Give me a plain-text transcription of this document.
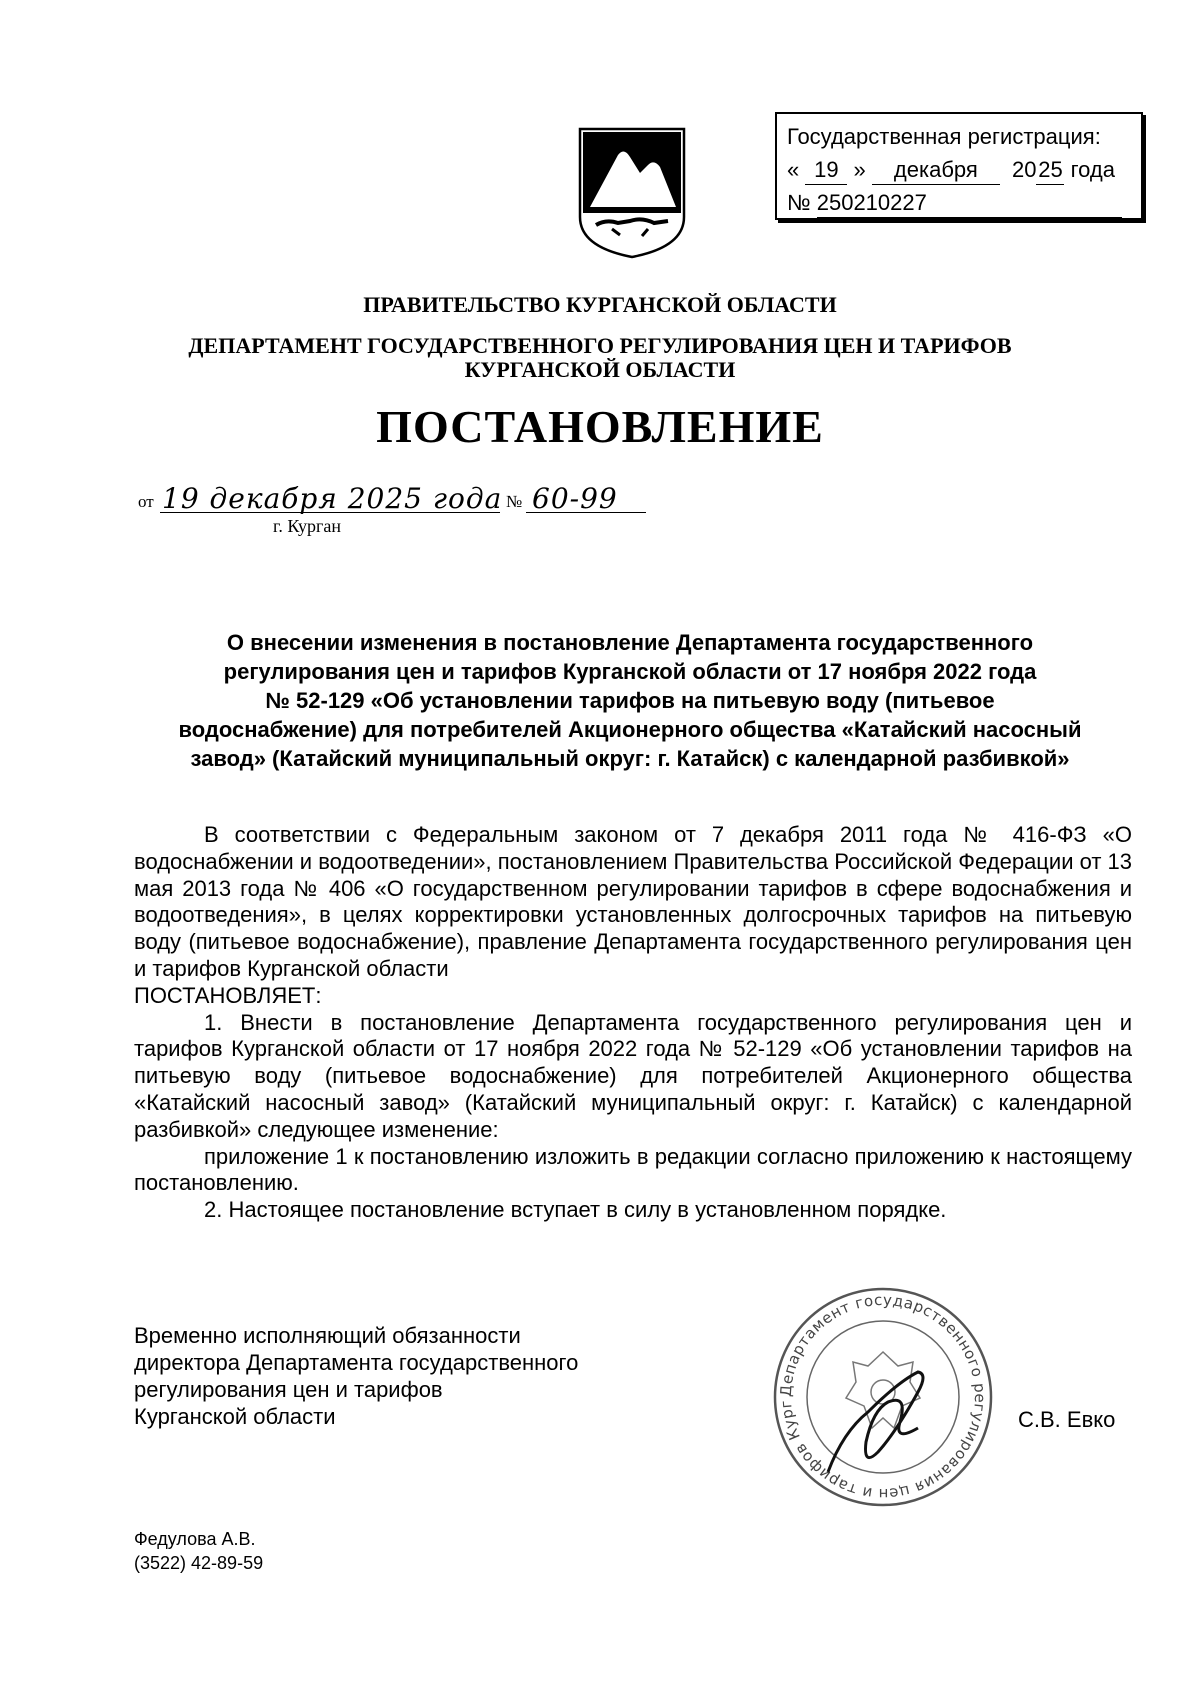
Государственная регистрация:
« 19 » декабря 2025 года
№ 250210227
ПРАВИТЕЛЬСТВО КУРГАНСКОЙ ОБЛАСТИ
ДЕПАРТАМЕНТ ГОСУДАРСТВЕННОГО РЕГУЛИРОВАНИЯ ЦЕН И ТАРИФОВ
КУРГАНСКОЙ ОБЛАСТИ
ПОСТАНОВЛЕНИЕ
от 19 декабря 2025 года № 60-99
г. Курган
О внесении изменения в постановление Департамента государственного
регулирования цен и тарифов Курганской области от 17 ноября 2022 года
№ 52-129 «Об установлении тарифов на питьевую воду (питьевое
водоснабжение) для потребителей Акционерного общества «Катайский насосный
завод» (Катайский муниципальный округ: г. Катайск) с календарной разбивкой»

В соответствии с Федеральным законом от 7 декабря 2011 года № 416-ФЗ «О водоснабжении и водоотведении», постановлением Правительства Российской Федерации от 13 мая 2013 года № 406 «О государственном регулировании тарифов в сфере водоснабжения и водоотведения», в целях корректировки установленных долгосрочных тарифов на питьевую воду (питьевое водоснабжение), правление Департамента государственного регулирования цен и тарифов Курганской области

ПОСТАНОВЛЯЕТ:

1. Внести в постановление Департамента государственного регулирования цен и тарифов Курганской области от 17 ноября 2022 года № 52-129 «Об установлении тарифов на питьевую воду (питьевое водоснабжение) для потребителей Акционерного общества «Катайский насосный завод» (Катайский муниципальный округ: г. Катайск) с календарной разбивкой» следующее изменение:

приложение 1 к постановлению изложить в редакции согласно приложению к настоящему постановлению.

2. Настоящее постановление вступает в силу в установленном порядке.

Временно исполняющий обязанности
директора Департамента государственного
регулирования цен и тарифов
Курганской области
Департамент государственного регулирования цен и тарифов Кург
С.В. Евко
Федулова А.В.
(3522) 42-89-59
